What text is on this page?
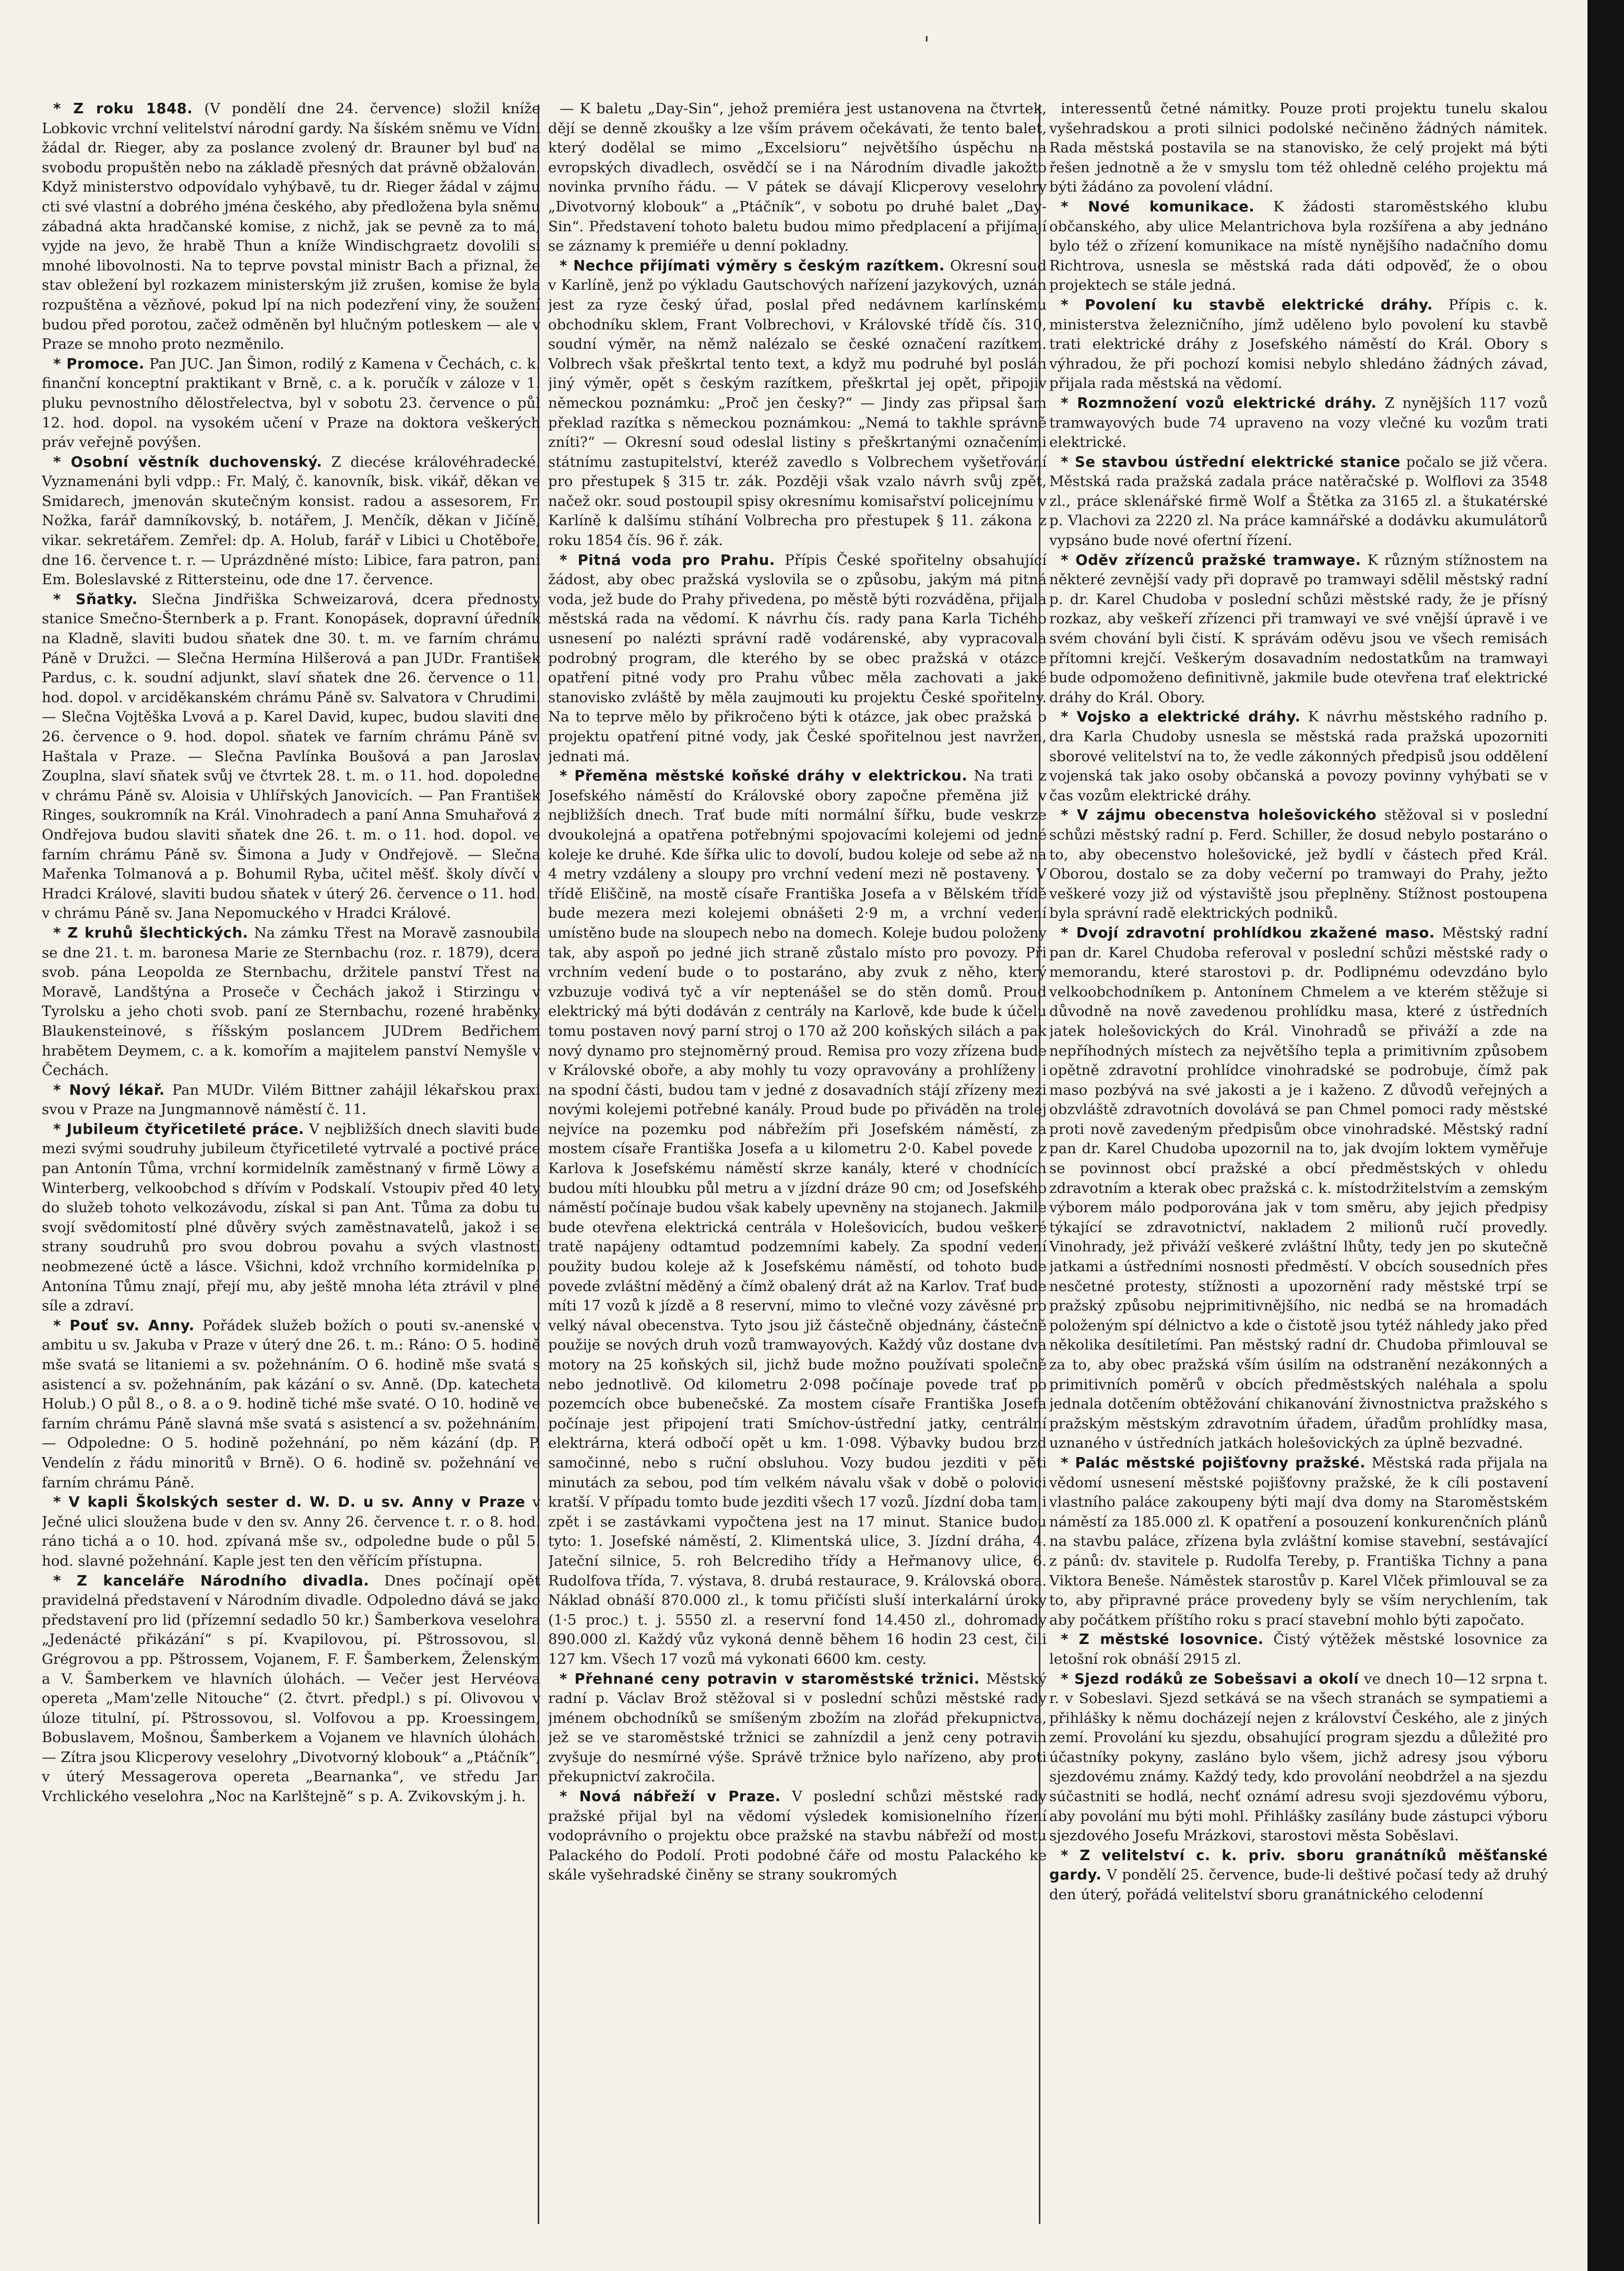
'

* Z roku 1848. (V pondělí dne 24. července) složil kníže Lobkovic vrchní velitelství národní gardy. Na šíském sněmu ve Vídni žádal dr. Rieger, aby za poslance zvolený dr. Brauner byl buď na svobodu propuštěn nebo na základě přesných dat právně obžalován. Když ministerstvo odpovídalo vyhýbavě, tu dr. Rieger žádal v zájmu cti své vlastní a dobrého jména českého, aby předložena byla sněmu zábadná akta hradčanské komise, z nichž, jak se pevně za to má, vyjde na jevo, že hrabě Thun a kníže Windischgraetz dovolili si mnohé libovolnosti. Na to teprve povstal ministr Bach a přiznal, že stav obležení byl rozkazem ministerským již zrušen, komise že byla rozpuštěna a vězňové, pokud lpí na nich podezření viny, že soužení budou před porotou, začež odměněn byl hlučným potleskem — ale v Praze se mnoho proto nezměnilo.

* Promoce. Pan JUC. Jan Šimon, rodilý z Kamena v Čechách, c. k. finanční konceptní praktikant v Brně, c. a k. poručík v záloze v 1. pluku pevnostního dělostřelectva, byl v sobotu 23. července o půl 12. hod. dopol. na vysokém učení v Praze na doktora veškerých práv veřejně povýšen.

* Osobní věstník duchovenský. Z diecése královéhradecké. Vyznamenáni byli vdpp.: Fr. Malý, č. kanovník, bisk. vikář, děkan ve Smidarech, jmenován skutečným konsist. radou a assesorem, Fr. Nožka, farář damníkovský, b. notářem, J. Menčík, děkan v Jičíně, vikar. sekretářem. Zemřel: dp. A. Holub, farář v Libici u Chotěboře, dne 16. července t. r. — Uprázdněné místo: Libice, fara patron, pani Em. Boleslavské z Rittersteinu, ode dne 17. července.

* Sňatky. Slečna Jindřiška Schweizarová, dcera přednosty stanice Smečno-Šternberk a p. Frant. Konopásek, dopravní úředník na Kladně, slaviti budou sňatek dne 30. t. m. ve farním chrámu Páně v Družci. — Slečna Hermína Hilšerová a pan JUDr. František Pardus, c. k. soudní adjunkt, slaví sňatek dne 26. července o 11. hod. dopol. v arciděkanském chrámu Páně sv. Salvatora v Chrudimi. — Slečna Vojtěška Lvová a p. Karel David, kupec, budou slaviti dne 26. července o 9. hod. dopol. sňatek ve farním chrámu Páně sv. Haštala v Praze. — Slečna Pavlínka Boušová a pan Jaroslav Zouplna, slaví sňatek svůj ve čtvrtek 28. t. m. o 11. hod. dopoledne v chrámu Páně sv. Aloisia v Uhlířských Janovicích. — Pan František Ringes, soukromník na Král. Vinohradech a paní Anna Smuhařová z Ondřejova budou slaviti sňatek dne 26. t. m. o 11. hod. dopol. ve farním chrámu Páně sv. Šimona a Judy v Ondřejově. — Slečna Mařenka Tolmanová a p. Bohumil Ryba, učitel měšť. školy dívčí v Hradci Králové, slaviti budou sňatek v úterý 26. července o 11. hod. v chrámu Páně sv. Jana Nepomuckého v Hradci Králové.

* Z kruhů šlechtických. Na zámku Třest na Moravě zasnoubila se dne 21. t. m. baronesa Marie ze Sternbachu (roz. r. 1879), dcera svob. pána Leopolda ze Sternbachu, držitele panství Třest na Moravě, Landštýna a Proseče v Čechách jakož i Stirzingu v Tyrolsku a jeho choti svob. paní ze Sternbachu, rozené hraběnky Blaukensteinové, s říšským poslancem JUDrem Bedřichem hrabětem Deymem, c. a k. komořím a majitelem panství Nemyšle v Čechách.

* Nový lékař. Pan MUDr. Vilém Bittner zahájil lékařskou praxi svou v Praze na Jungmannově náměstí č. 11.

* Jubileum čtyřicetileté práce. V nejbližších dnech slaviti bude mezi svými soudruhy jubileum čtyřicetileté vytrvalé a poctivé práce pan Antonín Tůma, vrchní kormidelník zaměstnaný v firmě Löwy a Winterberg, velkoobchod s dřívím v Podskalí. Vstoupiv před 40 lety do služeb tohoto velkozávodu, získal si pan Ant. Tůma za dobu tu svojí svědomitostí plné důvěry svých zaměstnavatelů, jakož i se strany soudruhů pro svou dobrou povahu a svých vlastností neobmezené úctě a lásce. Všichni, kdož vrchního kormidelníka p. Antonína Tůmu znají, přejí mu, aby ještě mnoha léta ztrávil v plné síle a zdraví.

* Pouť sv. Anny. Pořádek služeb božích o pouti sv.-anenské v ambitu u sv. Jakuba v Praze v úterý dne 26. t. m.: Ráno: O 5. hodině mše svatá se litaniemi a sv. požehnáním. O 6. hodině mše svatá s asistencí a sv. požehnáním, pak kázání o sv. Anně. (Dp. katecheta Holub.) O půl 8., o 8. a o 9. hodině tiché mše svaté. O 10. hodině ve farním chrámu Páně slavná mše svatá s asistencí a sv. požehnáním. — Odpoledne: O 5. hodině požehnání, po něm kázání (dp. P. Vendelín z řádu minoritů v Brně). O 6. hodině sv. požehnání ve farním chrámu Páně.

* V kapli Školských sester d. W. D. u sv. Anny v Praze v Ječné ulici sloužena bude v den sv. Anny 26. července t. r. o 8. hod. ráno tichá a o 10. hod. zpívaná mše sv., odpoledne bude o půl 5. hod. slavné požehnání. Kaple jest ten den věřícím přístupna.

* Z kanceláře Národního divadla. Dnes počínají opět pravidelná představení v Národním divadle. Odpoledno dává se jako představení pro lid (přízemní sedadlo 50 kr.) Šamberkova veselohra „Jedenácté přikázání“ s pí. Kvapilovou, pí. Pštrossovou, sl. Grégrovou a pp. Pštrossem, Vojanem, F. F. Šamberkem, Želenským a V. Šamberkem ve hlavních úlohách. — Večer jest Hervéova opereta „Mam'zelle Nitouche“ (2. čtvrt. předpl.) s pí. Olivovou v úloze titulní, pí. Pštrossovou, sl. Volfovou a pp. Kroessingem, Bobuslavem, Mošnou, Šamberkem a Vojanem ve hlavních úlohách. — Zítra jsou Klicperovy veselohry „Divotvorný klobouk“ a „Ptáčník“, v úterý Messagerova opereta „Bearnanka“, ve středu Jar. Vrchlického veselohra „Noc na Karlštejně“ s p. A. Zvikovským j. h.

— K baletu „Day-Sin“, jehož premiéra jest ustanovena na čtvrtek, dějí se denně zkoušky a lze vším právem očekávati, že tento balet, který dodělal se mimo „Excelsioru“ největšího úspěchu na evropských divadlech, osvědčí se i na Národním divadle jakožto novinka prvního řádu. — V pátek se dávají Klicperovy veselohry „Divotvorný klobouk“ a „Ptáčník“, v sobotu po druhé balet „Day-Sin“. Představení tohoto baletu budou mimo předplacení a přijímají se záznamy k premiéře u denní pokladny.

* Nechce přijímati výměry s českým razítkem. Okresní soud v Karlíně, jenž po výkladu Gautschových nařízení jazykových, uznán jest za ryze český úřad, poslal před nedávnem karlínskému obchodníku sklem, Frant Volbrechovi, v Královské třídě čís. 310, soudní výměr, na němž nalézalo se české označení razítkem. Volbrech však přeškrtal tento text, a když mu podruhé byl poslán jiný výměr, opět s českým razítkem, přeškrtal jej opět, připojiv německou poznámku: „Proč jen česky?“ — Jindy zas připsal šam překlad razítka s německou poznámkou: „Nemá to takhle správně zníti?“ — Okresní soud odeslal listiny s přeškrtanými označeními státnímu zastupitelství, kteréž zavedlo s Volbrechem vyšetřování pro přestupek § 315 tr. zák. Později však vzalo návrh svůj zpět, načež okr. soud postoupil spisy okresnímu komisařství policejnímu v Karlíně k dalšímu stíhání Volbrecha pro přestupek § 11. zákona z roku 1854 čís. 96 ř. zák.

* Pitná voda pro Prahu. Přípis České spořitelny obsahující žádost, aby obec pražská vyslovila se o způsobu, jakým má pitná voda, jež bude do Prahy přivedena, po městě býti rozváděna, přijala městská rada na vědomí. K návrhu čís. rady pana Karla Tichého usnesení po nalézti správní radě vodárenské, aby vypracovala podrobný program, dle kterého by se obec pražská v otázce opatření pitné vody pro Prahu vůbec měla zachovati a jaké stanovisko zvláště by měla zaujmouti ku projektu České spořitelny. Na to teprve mělo by přikročeno býti k otázce, jak obec pražská o projektu opatření pitné vody, jak České spořitelnou jest navržen, jednati má.

* Přeměna městské koňské dráhy v elektrickou. Na trati z Josefského náměstí do Královské obory započne přeměna již v nejbližších dnech. Trať bude míti normální šířku, bude veskrze dvoukolejná a opatřena potřebnými spojovacími kolejemi od jedné koleje ke druhé. Kde šířka ulic to dovolí, budou koleje od sebe až na 4 metry vzdáleny a sloupy pro vrchní vedení mezi ně postaveny. V třídě Eliščině, na mostě císaře Františka Josefa a v Bělském třídě bude mezera mezi kolejemi obnášeti 2·9 m, a vrchní vedení umístěno bude na sloupech nebo na domech. Koleje budou položeny tak, aby aspoň po jedné jich straně zůstalo místo pro povozy. Při vrchním vedení bude o to postaráno, aby zvuk z něho, který vzbuzuje vodivá tyč a vír neptenášel se do stěn domů. Proud elektrický má býti dodáván z centrály na Karlově, kde bude k účelu tomu postaven nový parní stroj o 170 až 200 koňských silách a pak nový dynamo pro stejnoměrný proud. Remisa pro vozy zřízena bude v Královské oboře, a aby mohly tu vozy opravovány a prohlíženy i na spodní části, budou tam v jedné z dosavadních stájí zřízeny mezi novými kolejemi potřebné kanály. Proud bude po přiváděn na trolej nejvíce na pozemku pod nábřežím při Josefském náměstí, za mostem císaře Františka Josefa a u kilometru 2·0. Kabel povede z Karlova k Josefskému náměstí skrze kanály, které v chodnících budou míti hloubku půl metru a v jízdní dráze 90 cm; od Josefského náměstí počínaje budou však kabely upevněny na stojanech. Jakmile bude otevřena elektrická centrála v Holešovicích, budou veškeré tratě napájeny odtamtud podzemními kabely. Za spodní vedení použity budou koleje až k Josefskému náměstí, od tohoto bude povede zvláštní měděný a čímž obalený drát až na Karlov. Trať bude míti 17 vozů k jízdě a 8 reservní, mimo to vlečné vozy závěsné pro velký nával obecenstva. Tyto jsou již částečně objednány, částečně použije se nových druh vozů tramwayových. Každý vůz dostane dva motory na 25 koňských sil, jichž bude možno používati společně nebo jednotlivě. Od kilometru 2·098 počínaje povede trať po pozemcích obce bubenečské. Za mostem císaře Františka Josefa počínaje jest připojení trati Smíchov-ústřední jatky, centrální elektrárna, která odbočí opět u km. 1·098. Výbavky budou brzd samočinné, nebo s ruční obsluhou. Vozy budou jezditi v pěti minutách za sebou, pod tím velkém návalu však v době o polovici kratší. V případu tomto bude jezditi všech 17 vozů. Jízdní doba tam i zpět i se zastávkami vypočtena jest na 17 minut. Stanice budou tyto: 1. Josefské náměstí, 2. Klimentská ulice, 3. Jízdní dráha, 4. Jateční silnice, 5. roh Belcrediho třídy a Heřmanovy ulice, 6. Rudolfova třída, 7. výstava, 8. drubá restaurace, 9. Královská obora. Náklad obnáší 870.000 zl., k tomu přičísti sluší interkalární úroky (1·5 proc.) t. j. 5550 zl. a reservní fond 14.450 zl., dohromady 890.000 zl. Každý vůz vykoná denně během 16 hodin 23 cest, čili 127 km. Všech 17 vozů má vykonati 6600 km. cesty.

* Přehnané ceny potravin v staroměstské tržnici. Městský radní p. Václav Brož stěžoval si v poslední schůzi městské rady jménem obchodníků se smíšeným zbožím na zlořád překupnictva, jež se ve staroměstské tržnici se zahnízdil a jenž ceny potravin zvyšuje do nesmírné výše. Správě tržnice bylo nařízeno, aby proti překupnictví zakročila.

* Nová nábřeží v Praze. V poslední schůzi městské rady pražské přijal byl na vědomí výsledek komisionelního řízení vodoprávního o projektu obce pražské na stavbu nábřeží od mostu Palackého do Podolí. Proti podobné čáře od mostu Palackého ke skále vyšehradské činěny se strany soukromých

interessentů četné námitky. Pouze proti projektu tunelu skalou vyšehradskou a proti silnici podolské nečiněno žádných námitek. Rada městská postavila se na stanovisko, že celý projekt má býti řešen jednotně a že v smyslu tom též ohledně celého projektu má býti žádáno za povolení vládní.

* Nové komunikace. K žádosti staroměstského klubu občanského, aby ulice Melantrichova byla rozšířena a aby jednáno bylo též o zřízení komunikace na místě nynějšího nadačního domu Richtrova, usnesla se městská rada dáti odpověď, že o obou projektech se stále jedná.

* Povolení ku stavbě elektrické dráhy. Přípis c. k. ministerstva železničního, jímž uděleno bylo povolení ku stavbě trati elektrické dráhy z Josefského náměstí do Král. Obory s výhradou, že při pochozí komisi nebylo shledáno žádných závad, přijala rada městská na vědomí.

* Rozmnožení vozů elektrické dráhy. Z nynějších 117 vozů tramwayových bude 74 upraveno na vozy vlečné ku vozům trati elektrické.

* Se stavbou ústřední elektrické stanice počalo se již včera. Městská rada pražská zadala práce natěračské p. Wolflovi za 3548 zl., práce sklenářské firmě Wolf a Štětka za 3165 zl. a štukatérské p. Vlachovi za 2220 zl. Na práce kamnářské a dodávku akumulátorů vypsáno bude nové ofertní řízení.

* Oděv zřízenců pražské tramwaye. K různým stížnostem na některé zevnější vady při dopravě po tramwayi sdělil městský radní p. dr. Karel Chudoba v poslední schůzi městské rady, že je přísný rozkaz, aby veškeří zřízenci při tramwayi ve své vnější úpravě i ve svém chování byli čistí. K správám oděvu jsou ve všech remisách přítomni krejčí. Veškerým dosavadním nedostatkům na tramwayi bude odpomoženo definitivně, jakmile bude otevřena trať elektrické dráhy do Král. Obory.

* Vojsko a elektrické dráhy. K návrhu městského radního p. dra Karla Chudoby usnesla se městská rada pražská upozorniti sborové velitelství na to, že vedle zákonných předpisů jsou oddělení vojenská tak jako osoby občanská a povozy povinny vyhýbati se v čas vozům elektrické dráhy.

* V zájmu obecenstva holešovického stěžoval si v poslední schůzi městský radní p. Ferd. Schiller, že dosud nebylo postaráno o to, aby obecenstvo holešovické, jež bydlí v částech před Král. Oborou, dostalo se za doby večerní po tramwayi do Prahy, ježto veškeré vozy již od výstaviště jsou přeplněny. Stížnost postoupena byla správní radě elektrických podniků.

* Dvojí zdravotní prohlídkou zkažené maso. Městský radní pan dr. Karel Chudoba referoval v poslední schůzi městské rady o memorandu, které starostovi p. dr. Podlipnému odevzdáno bylo velkoobchodníkem p. Antonínem Chmelem a ve kterém stěžuje si důvodně na nově zavedenou prohlídku masa, které z ústředních jatek holešovických do Král. Vinohradů se přiváží a zde na nepříhodných místech za největšího tepla a primitivním způsobem opětně zdravotní prohlídce vinohradské se podrobuje, čímž pak maso pozbývá na své jakosti a je i kaženo. Z důvodů veřejných a obzvláště zdravotních dovolává se pan Chmel pomoci rady městské proti nově zavedeným předpisům obce vinohradské. Městský radní pan dr. Karel Chudoba upozornil na to, jak dvojím loktem vyměřuje se povinnost obcí pražské a obcí předměstských v ohledu zdravotním a kterak obec pražská c. k. místodržitelstvím a zemským výborem málo podporována jak v tom směru, aby jejich předpisy týkající se zdravotnictví, nakladem 2 milionů ručí provedly. Vinohrady, jež přiváží veškeré zvláštní lhůty, tedy jen po skutečně jatkami a ústředními nosnosti předměstí. V obcích sousedních přes nesčetné protesty, stížnosti a upozornění rady městské trpí se pražský způsobu nejprimitivnějšího, nic nedbá se na hromadách položeným spí délnictvo a kde o čistotě jsou tytéž náhledy jako před několika desítiletími. Pan městský radní dr. Chudoba přimlouval se za to, aby obec pražská vším úsilím na odstranění nezákonných a primitivních poměrů v obcích předměstských naléhala a spolu jednala dotčením obtěžování chikanování živnostnictva pražského s pražským městským zdravotním úřadem, úřadům prohlídky masa, uznaného v ústředních jatkách holešovických za úplně bezvadné.

* Palác městské pojišťovny pražské. Městská rada přijala na vědomí usnesení městské pojišťovny pražské, že k cíli postavení vlastního paláce zakoupeny býti mají dva domy na Staroměstském náměstí za 185.000 zl. K opatření a posouzení konkurenčních plánů na stavbu paláce, zřízena byla zvláštní komise stavební, sestávající z pánů: dv. stavitele p. Rudolfa Tereby, p. Františka Tichny a pana Viktora Beneše. Náměstek starostův p. Karel Vlček přimlouval se za to, aby připravné práce provedeny byly se vším nerychlením, tak aby počátkem příštího roku s prací stavební mohlo býti započato.

* Z městské losovnice. Čistý výtěžek městské losovnice za letošní rok obnáší 2915 zl.

* Sjezd rodáků ze Sobešsavi a okolí ve dnech 10—12 srpna t. r. v Sobeslavi. Sjezd setkává se na všech stranách se sympatiemi a přihlášky k němu docházejí nejen z království Českého, ale z jiných zemí. Provolání ku sjezdu, obsahující program sjezdu a důležité pro účastníky pokyny, zasláno bylo všem, jichž adresy jsou výboru sjezdovému známy. Každý tedy, kdo provolání neobdržel a na sjezdu súčastniti se hodlá, nechť oznámí adresu svoji sjezdovému výboru, aby povolání mu býti mohl. Přihlášky zasílány bude zástupci výboru sjezdového Josefu Mrázkovi, starostovi města Soběslavi.

* Z velitelství c. k. priv. sboru granátníků měšťanské gardy. V pondělí 25. července, bude-li deštivé počasí tedy až druhý den úterý, pořádá velitelství sboru granátnického celodenní
